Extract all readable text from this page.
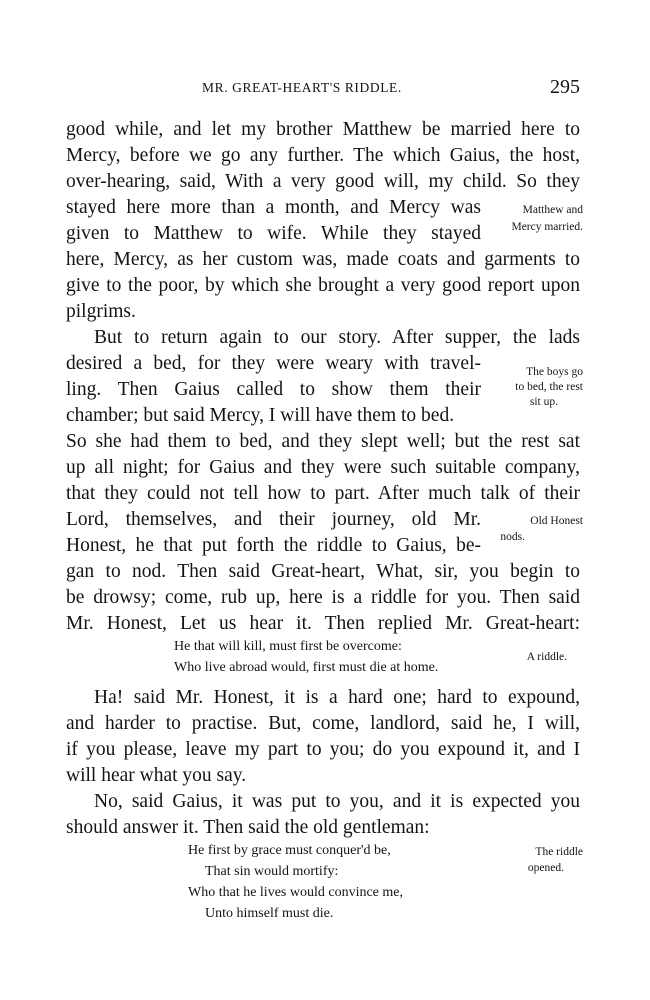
MR. GREAT-HEART'S RIDDLE.	295
good while, and let my brother Matthew be married here to
Mercy, before we go any further. The which Gaius, the host,
over-hearing, said, With a very good will, my child. So they
stayed here more than a month, and Mercy was
given to Matthew to wife. While they stayed
here, Mercy, as her custom was, made coats and garments to
give to the poor, by which she brought a very good report upon
pilgrims.
But to return again to our story. After supper, the lads
desired a bed, for they were weary with travel-
ling. Then Gaius called to show them their
chamber; but said Mercy, I will have them to bed.
So she had them to bed, and they slept well; but the rest sat
up all night; for Gaius and they were such suitable company,
that they could not tell how to part. After much talk of their
Lord, themselves, and their journey, old Mr.
Honest, he that put forth the riddle to Gaius, be-
gan to nod. Then said Great-heart, What, sir, you begin to
be drowsy; come, rub up, here is a riddle for you. Then said
Mr. Honest, Let us hear it. Then replied Mr. Great-heart:
He that will kill, must first be overcome:
Who live abroad would, first must die at home.
Ha! said Mr. Honest, it is a hard one; hard to expound,
and harder to practise. But, come, landlord, said he, I will,
if you please, leave my part to you; do you expound it, and I
will hear what you say.
No, said Gaius, it was put to you, and it is expected you
should answer it. Then said the old gentleman:
He first by grace must conquer'd be,
That sin would mortify:
Who that he lives would convince me,
Unto himself must die.
Matthew and
Mercy married.
The boys go
to bed, the rest
sit up.
Old Honest
nods.
A riddle.
The riddle
opened.
